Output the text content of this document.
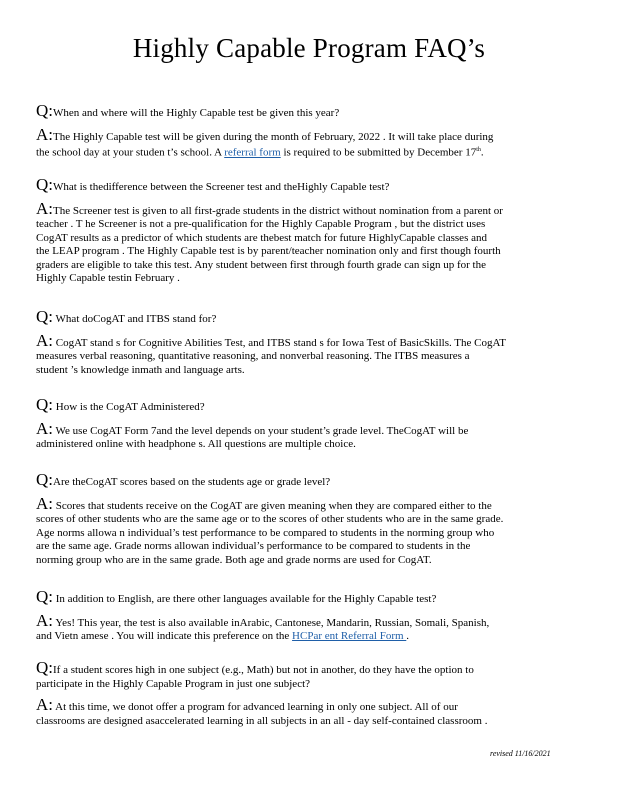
Highly Capable Program FAQ’s
Q:When and where will the Highly Capable test be given this year?
A:The Highly Capable test will be given during the month of February, 2022 . It will take place during
the school day at your studen t’s school. A referral form is required to be submitted by December 17th.
Q:What is thedifference between the Screener test and theHighly Capable test?
A:The Screener test is given to all first-grade students in the district without nomination from a parent or
teacher . T he Screener is not a pre-qualification for the Highly Capable Program , but the district uses
CogAT results as a predictor of which students are thebest match for future HighlyCapable classes and
the LEAP program . The Highly Capable test is by parent/teacher nomination only and first though fourth
graders are eligible to take this test. Any student between first through fourth grade can sign up for the
Highly Capable testin February .
Q: What doCogAT and ITBS stand for?
A: CogAT stand s for Cognitive Abilities Test, and ITBS stand s for Iowa Test of BasicSkills. The CogAT
measures verbal reasoning, quantitative reasoning, and nonverbal reasoning. The ITBS measures a
student ’s knowledge inmath and language arts.
Q: How is the CogAT Administered?
A: We use CogAT Form 7and the level depends on your student’s grade level. TheCogAT will be
administered online with headphone s. All questions are multiple choice.
Q:Are theCogAT scores based on the students age or grade level?
A: Scores that students receive on the CogAT are given meaning when they are compared either to the
scores of other students who are the same age or to the scores of other students who are in the same grade.
Age norms allowa n individual’s test performance to be compared to students in the norming group who
are the same age. Grade norms allowan individual’s performance to be compared to students in the
norming group who are in the same grade. Both age and grade norms are used for CogAT.
Q: In addition to English, are there other languages available for the Highly Capable test?
A: Yes! This year, the test is also available inArabic, Cantonese, Mandarin, Russian, Somali, Spanish,
and Vietn amese . You will indicate this preference on the HCPar ent Referral Form .
Q:If a student scores high in one subject (e.g., Math) but not in another, do they have the option to
participate in the Highly Capable Program in just one subject?
A: At this time, we donot offer a program for advanced learning in only one subject. All of our
classrooms are designed asaccelerated learning in all subjects in an all - day self-contained classroom .
revised 11/16/2021
